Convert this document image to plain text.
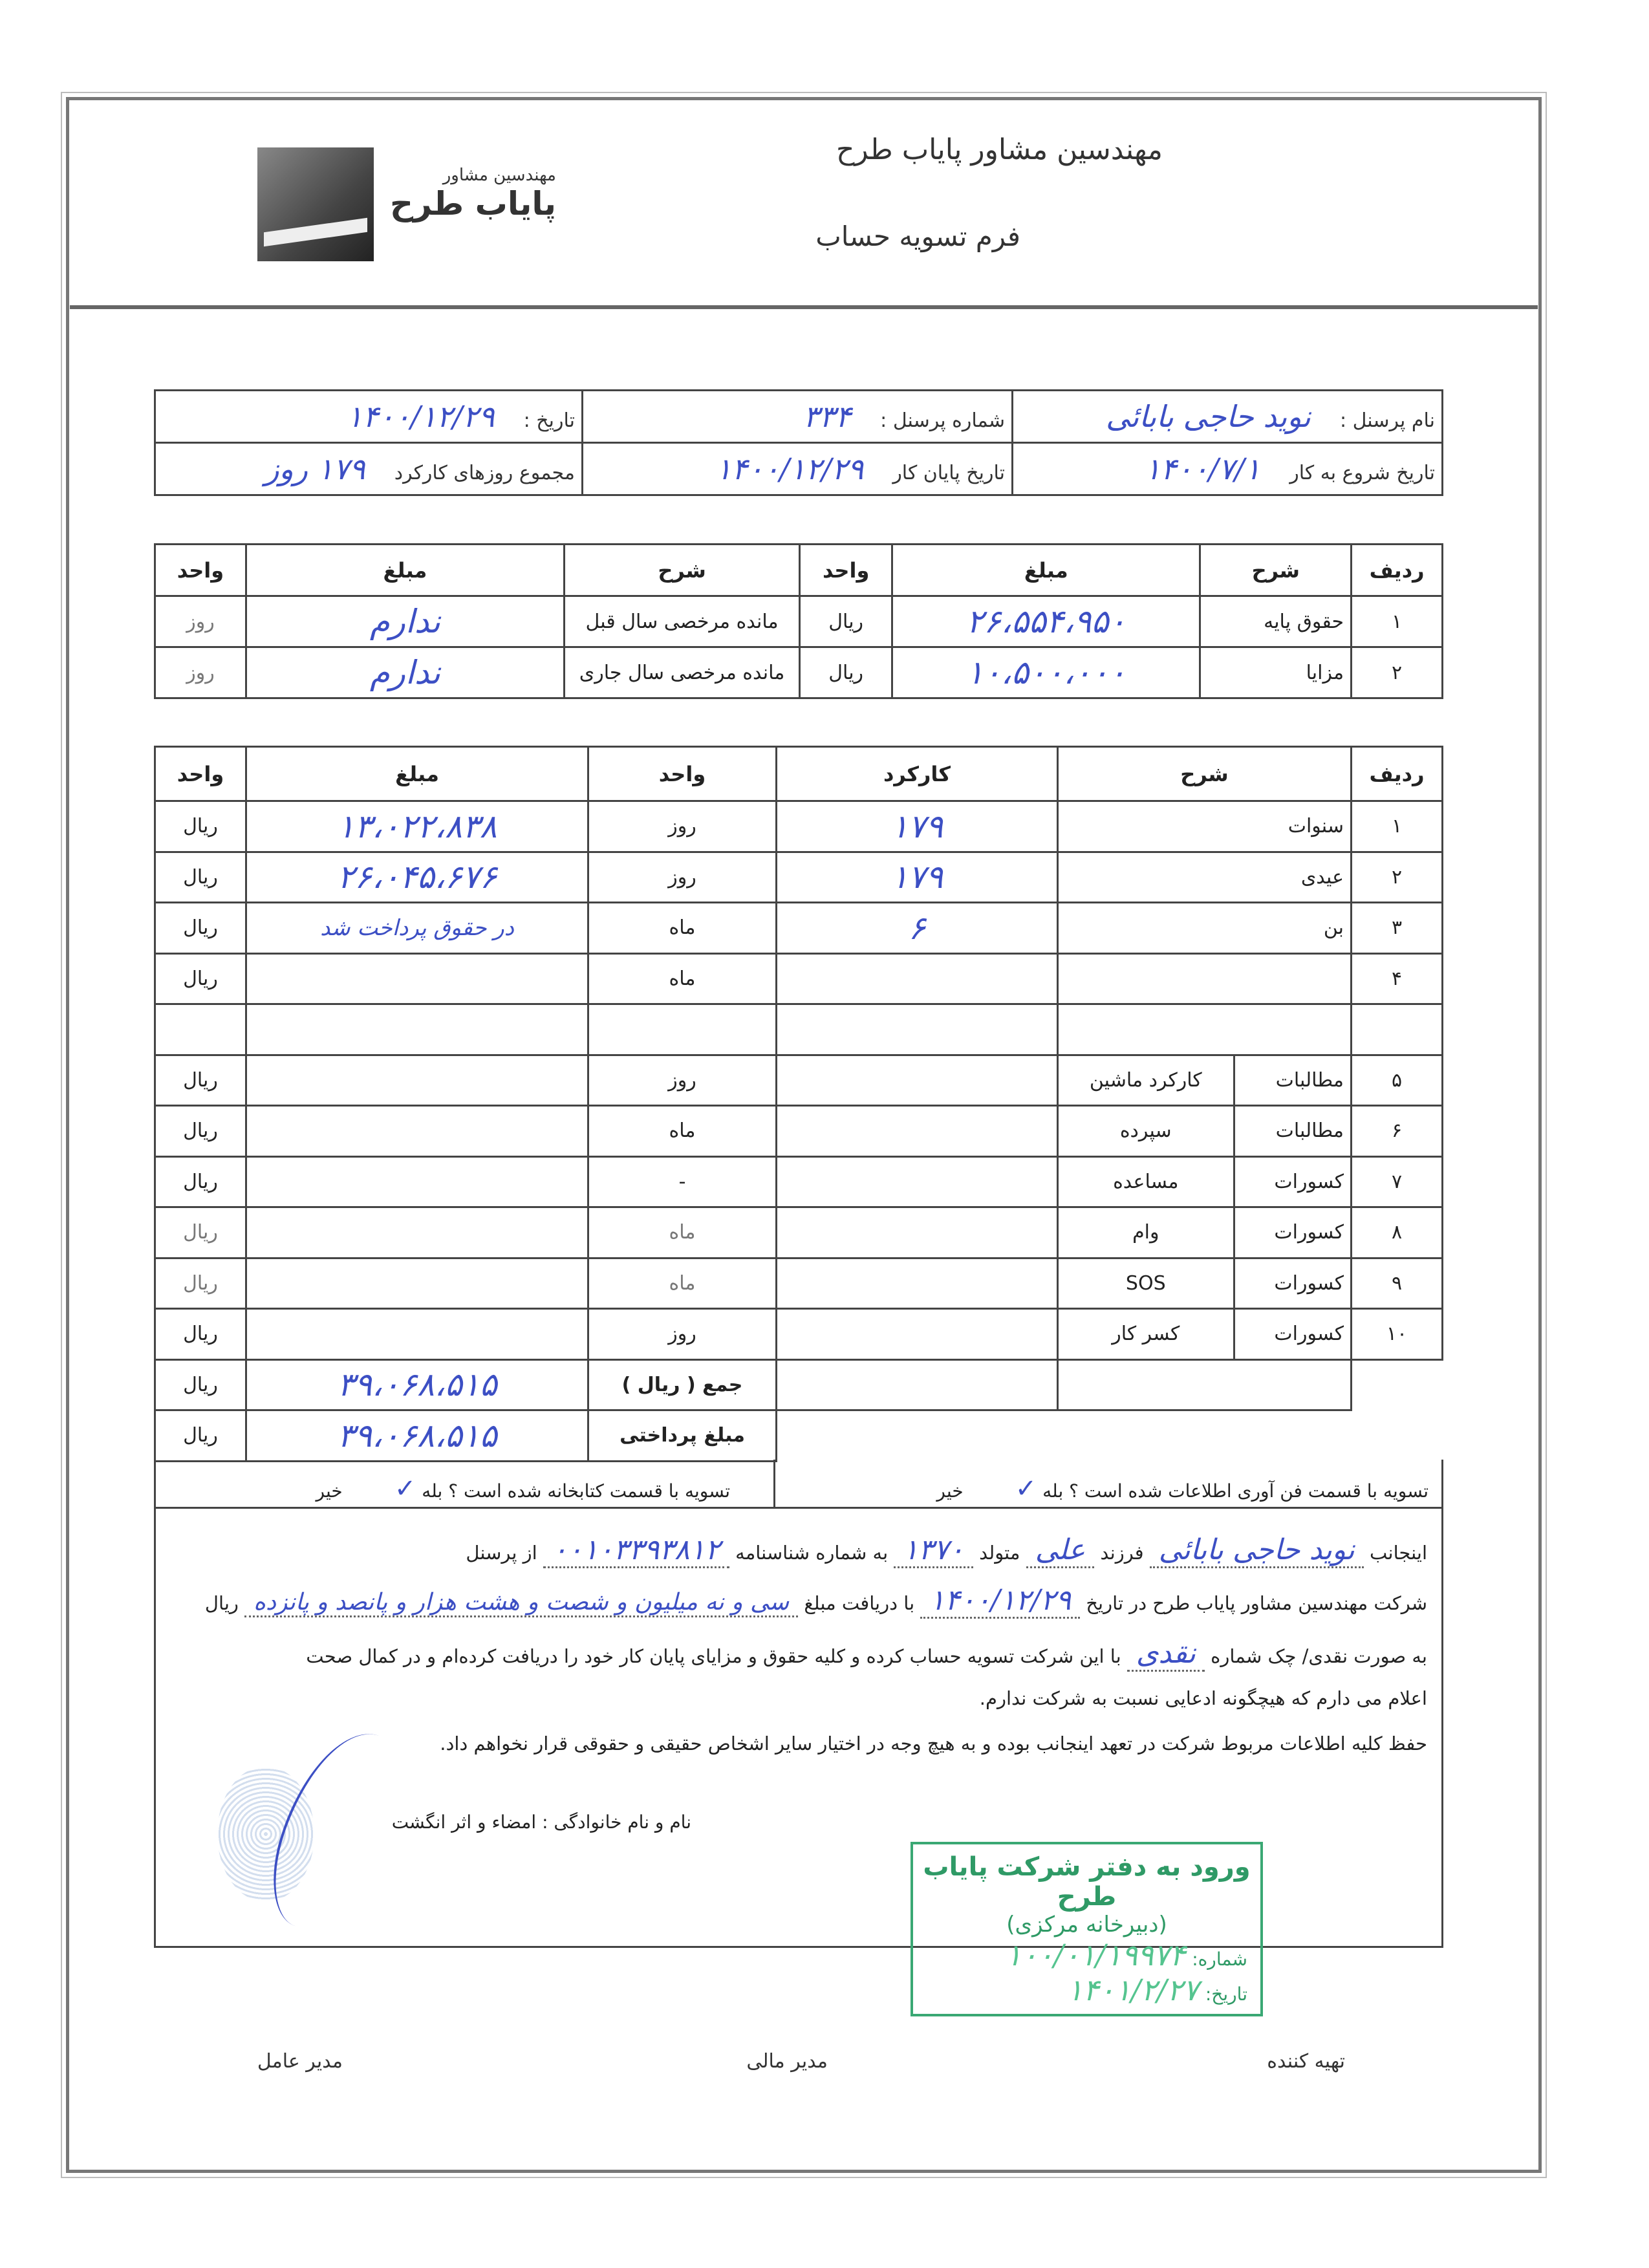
مهندسین مشاور پایاب طرح
فرم تسویه حساب
مهندسین مشاور
پایاب طرح
نام پرسنل :نوید حاجی بابائی	شماره پرسنل :۳۳۴	تاریخ :۱۴۰۰/۱۲/۲۹
تاریخ شروع به کار۱۴۰۰/۷/۱	تاریخ پایان کار۱۴۰۰/۱۲/۲۹	مجموع روزهای کارکرد۱۷۹ روز
ردیف	شرح	مبلغ	واحد	شرح	مبلغ	واحد
۱	حقوق پایه	۲۶،۵۵۴،۹۵۰	ریال	مانده مرخصی سال قبل	ندارم	روز
۲	مزایا	۱۰،۵۰۰،۰۰۰	ریال	مانده مرخصی سال جاری	ندارم	روز
ردیف	شرح		کارکرد	واحد	مبلغ	واحد
۱	سنوات		۱۷۹	روز	۱۳،۰۲۲،۸۳۸	ریال
۲	عیدی		۱۷۹	روز	۲۶،۰۴۵،۶۷۶	ریال
۳	بن		۶	ماه	در حقوق پرداخت شد	ریال
۴				ماه		ریال

۵	مطالبات	کارکرد ماشین		روز		ریال
۶	مطالبات	سپرده		ماه		ریال
۷	کسورات	مساعده		-		ریال
۸	کسورات	وام		ماه		ریال
۹	کسورات	SOS		ماه		ریال
۱۰	کسورات	کسر کار		روز		ریال
				جمع ( ریال )	۳۹،۰۶۸،۵۱۵	ریال
				مبلغ پرداختی	۳۹،۰۶۸،۵۱۵	ریال
تسویه با قسمت فن آوری اطلاعات شده است ؟ بله ✓         خیر
تسویه با قسمت کتابخانه شده است ؟ بله ✓         خیر
اینجانب نوید حاجی بابائی فرزند علی متولد ۱۳۷۰ به شماره شناسنامه ۰۰۱۰۳۳۹۳۸۱۲ از پرسنل
شرکت مهندسین مشاور پایاب طرح در تاریخ ۱۴۰۰/۱۲/۲۹ با دریافت مبلغ سی و نه میلیون و شصت و هشت هزار و پانصد و پانزده ریال
به صورت نقدی/ چک شماره نقدی با این شرکت تسویه حساب کرده و کلیه حقوق و مزایای پایان کار خود را دریافت کرده‌ام و در کمال صحت
اعلام می دارم که هیچگونه ادعایی نسبت به شرکت ندارم.
حفظ کلیه اطلاعات مربوط شرکت در تعهد اینجانب بوده و به هیچ وجه در اختیار سایر اشخاص حقیقی و حقوقی قرار نخواهم داد.
نام و نام خانوادگی : امضاء و اثر انگشت
ورود به دفتر شرکت پایاب طرح
(دبیرخانه مرکزی)
شماره:۱۰۰/۰۱/۱۹۹۷۴
تاریخ:۱۴۰۱/۲/۲۷
تهیه کننده
مدیر مالی
مدیر عامل
